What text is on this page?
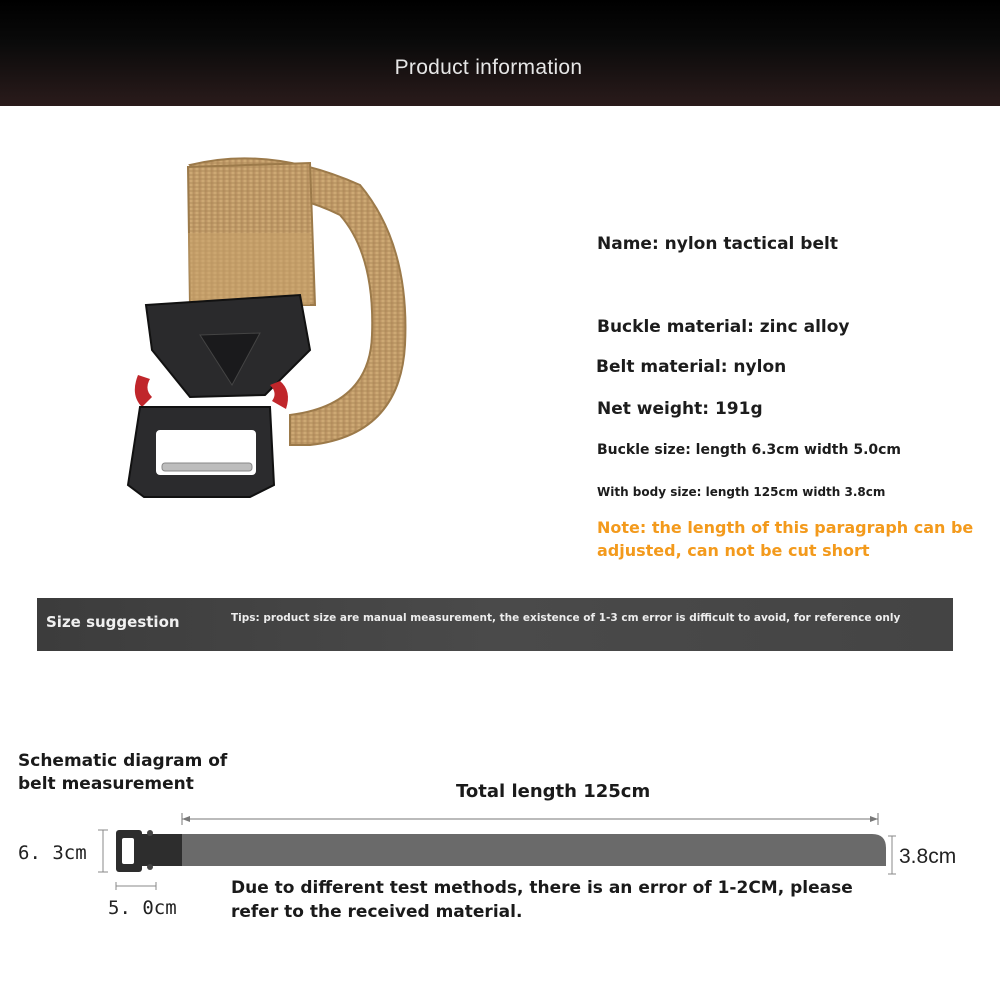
Product information
Name: nylon tactical belt
Buckle material: zinc alloy
Belt material: nylon
Net weight: 191g
Buckle size: length 6.3cm width 5.0cm
With body size: length 125cm width 3.8cm
Note: the length of this paragraph can be adjusted, can not be cut short
Size suggestion	Tips: product size are manual measurement, the existence of 1-3 cm error is difficult to avoid, for reference only
Schematic diagram of
belt measurement	Total length 125cm
6. 3cm
5. 0cm
3.8cm
Due to different test methods, there is an error of 1-2CM, please refer to the received material.
